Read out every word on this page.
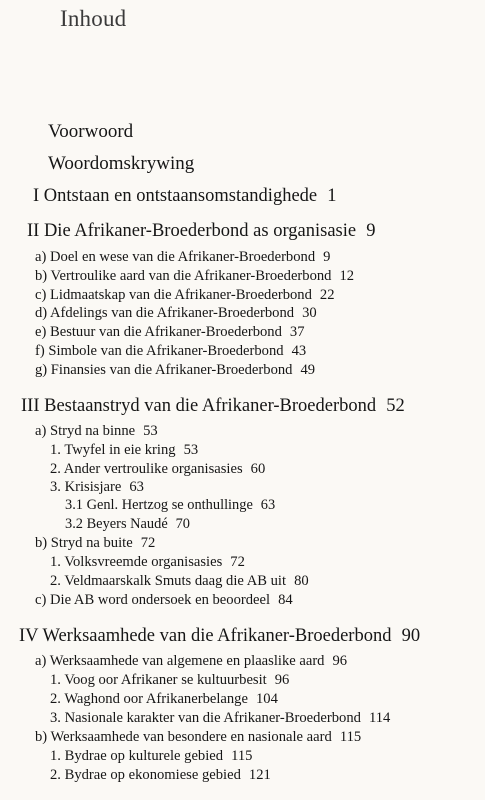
Inhoud
Voorwoord
Woordomskrywing
I Ontstaan en ontstaansomstandighede 1
II Die Afrikaner-Broederbond as organisasie 9
a) Doel en wese van die Afrikaner-Broederbond 9
b) Vertroulike aard van die Afrikaner-Broederbond 12
c) Lidmaatskap van die Afrikaner-Broederbond 22
d) Afdelings van die Afrikaner-Broederbond 30
e) Bestuur van die Afrikaner-Broederbond 37
f) Simbole van die Afrikaner-Broederbond 43
g) Finansies van die Afrikaner-Broederbond 49
III Bestaanstryd van die Afrikaner-Broederbond 52
a) Stryd na binne 53
1. Twyfel in eie kring 53
2. Ander vertroulike organisasies 60
3. Krisisjare 63
3.1 Genl. Hertzog se onthullinge 63
3.2 Beyers Naudé 70
b) Stryd na buite 72
1. Volksvreemde organisasies 72
2. Veldmaarskalk Smuts daag die AB uit 80
c) Die AB word ondersoek en beoordeel 84
IV Werksaamhede van die Afrikaner-Broederbond 90
a) Werksaamhede van algemene en plaaslike aard 96
1. Voog oor Afrikaner se kultuurbesit 96
2. Waghond oor Afrikanerbelange 104
3. Nasionale karakter van die Afrikaner-Broederbond 114
b) Werksaamhede van besondere en nasionale aard 115
1. Bydrae op kulturele gebied 115
2. Bydrae op ekonomiese gebied 121
